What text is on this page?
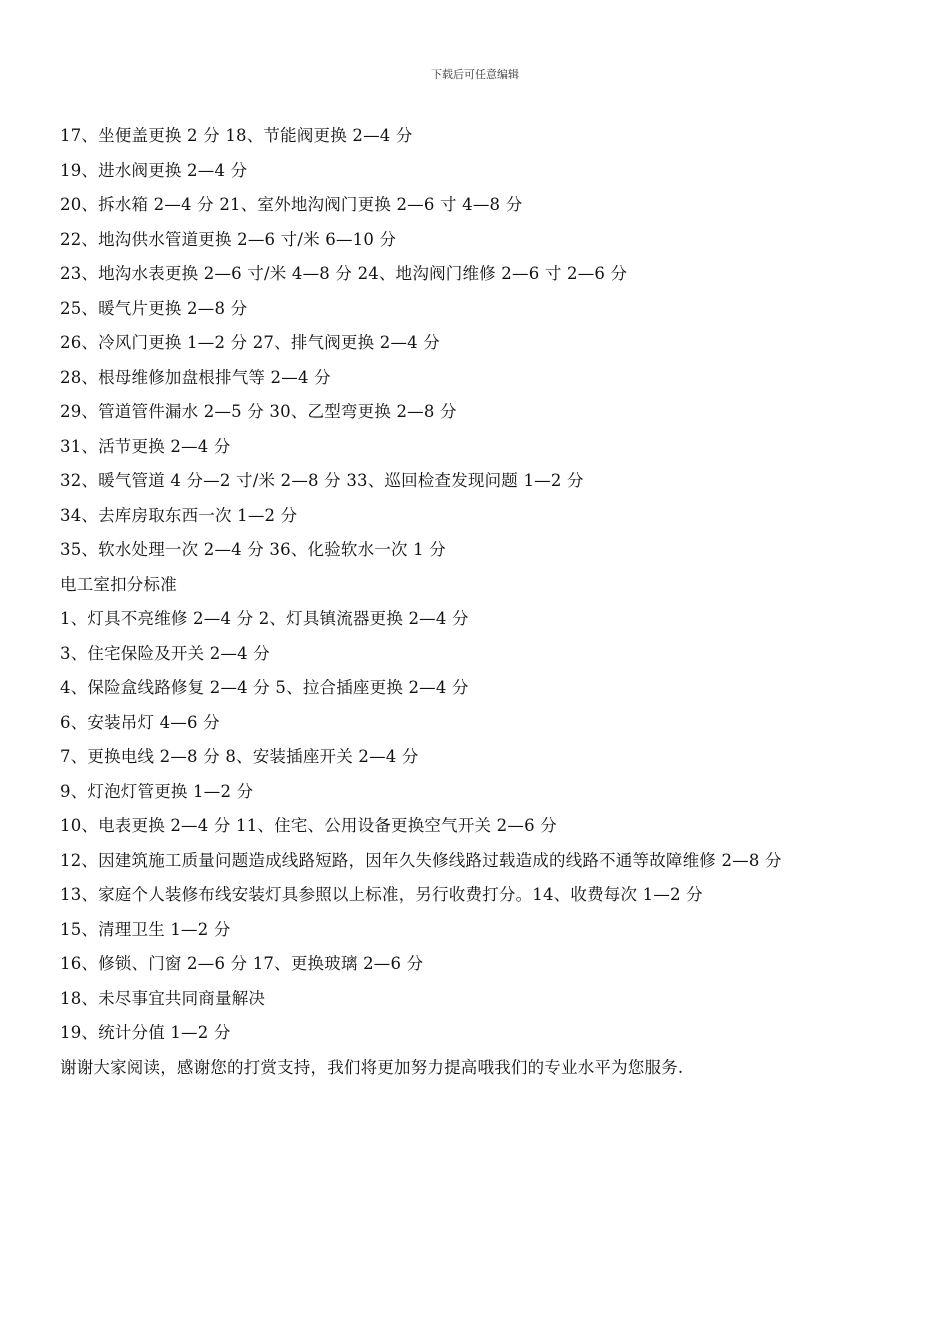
下载后可任意编辑
17、坐便盖更换 2 分 18、节能阀更换 2—4 分
19、进水阀更换 2—4 分
20、拆水箱 2—4 分 21、室外地沟阀门更换 2—6 寸 4—8 分
22、地沟供水管道更换 2—6 寸/米 6—10 分
23、地沟水表更换 2—6 寸/米 4—8 分 24、地沟阀门维修 2—6 寸 2—6 分
25、暖气片更换 2—8 分
26、冷风门更换 1—2 分 27、排气阀更换 2—4 分
28、根母维修加盘根排气等 2—4 分
29、管道管件漏水 2—5 分 30、乙型弯更换 2—8 分
31、活节更换 2—4 分
32、暖气管道 4 分—2 寸/米 2—8 分 33、巡回检查发现问题 1—2 分
34、去库房取东西一次 1—2 分
35、软水处理一次 2—4 分 36、化验软水一次 1 分
电工室扣分标准
1、灯具不亮维修 2—4 分 2、灯具镇流器更换 2—4 分
3、住宅保险及开关 2—4 分
4、保险盒线路修复 2—4 分 5、拉合插座更换 2—4 分
6、安装吊灯 4—6 分
7、更换电线 2—8 分 8、安装插座开关 2—4 分
9、灯泡灯管更换 1—2 分
10、电表更换 2—4 分 11、住宅、公用设备更换空气开关 2—6 分
12、因建筑施工质量问题造成线路短路，因年久失修线路过载造成的线路不通等故障维修 2—8 分
13、家庭个人装修布线安装灯具参照以上标准，另行收费打分。14、收费每次 1—2 分
15、清理卫生 1—2 分
16、修锁、门窗 2—6 分 17、更换玻璃 2—6 分
18、未尽事宜共同商量解决
19、统计分值 1—2 分
谢谢大家阅读，感谢您的打赏支持，我们将更加努力提高哦我们的专业水平为您服务.
